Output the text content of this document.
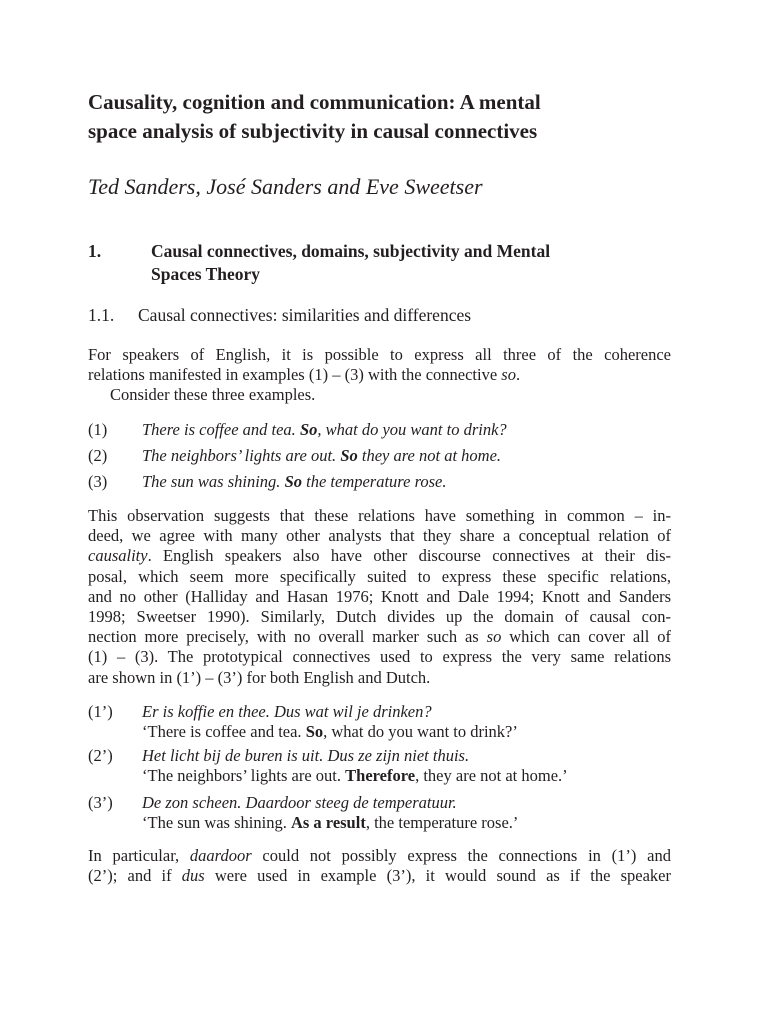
Causality, cognition and communication: A mental
space analysis of subjectivity in causal connectives

Ted Sanders, José Sanders and Eve Sweetser

1.	Causal connectives, domains, subjectivity and Mental
Spaces Theory
1.1. Causal connectives: similarities and differences

For speakers of English, it is possible to express all three of the coherence
relations manifested in examples (1) – (3) with the connective so.
Consider these three examples.

(1) There is coffee and tea. So, what do you want to drink?
(2) The neighbors’ lights are out. So they are not at home.
(3) The sun was shining. So the temperature rose.

This observation suggests that these relations have something in common – in-
deed, we agree with many other analysts that they share a conceptual relation of
causality. English speakers also have other discourse connectives at their dis-
posal, which seem more specifically suited to express these specific relations,
and no other (Halliday and Hasan 1976; Knott and Dale 1994; Knott and Sanders
1998; Sweetser 1990). Similarly, Dutch divides up the domain of causal con-
nection more precisely, with no overall marker such as so which can cover all of
(1) – (3). The prototypical connectives used to express the very same relations
are shown in (1’) – (3’) for both English and Dutch.

(1’) Er is koffie en thee. Dus wat wil je drinken?
‘There is coffee and tea. So, what do you want to drink?’
(2’) Het licht bij de buren is uit. Dus ze zijn niet thuis.
‘The neighbors’ lights are out. Therefore, they are not at home.’
(3’) De zon scheen. Daardoor steeg de temperatuur.
‘The sun was shining. As a result, the temperature rose.’

In particular, daardoor could not possibly express the connections in (1’) and
(2’); and if dus were used in example (3’), it would sound as if the speaker
